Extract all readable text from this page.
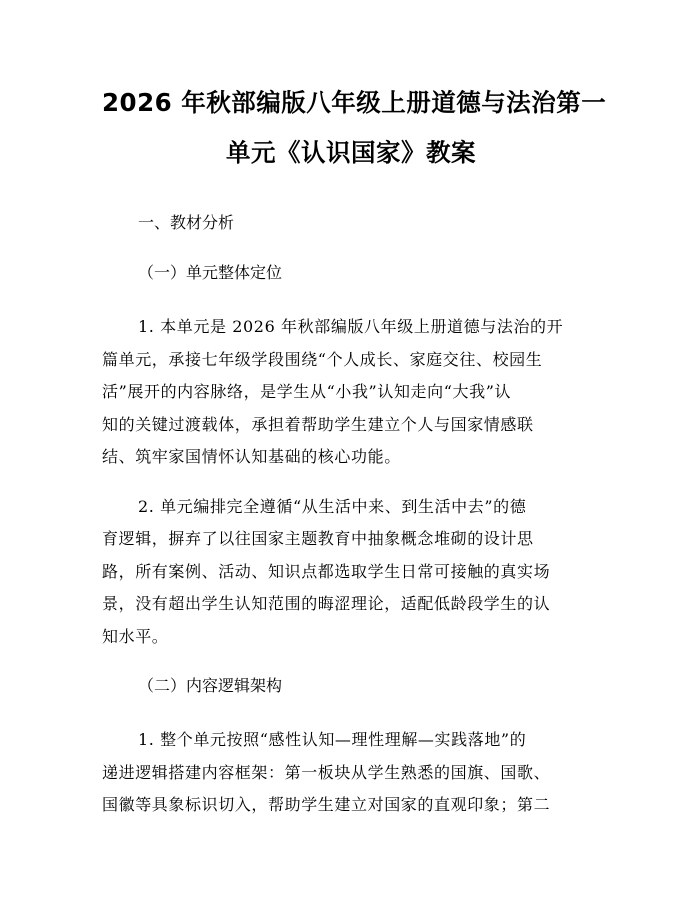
2026 年秋部编版八年级上册道德与法治第一
单元《认识国家》教案

一、教材分析

（一）单元整体定位

1. 本单元是 2026 年秋部编版八年级上册道德与法治的开
篇单元，承接七年级学段围绕“个人成长、家庭交往、校园生
活”展开的内容脉络，是学生从“小我”认知走向“大我”认
知的关键过渡载体，承担着帮助学生建立个人与国家情感联
结、筑牢家国情怀认知基础的核心功能。

2. 单元编排完全遵循“从生活中来、到生活中去”的德
育逻辑，摒弃了以往国家主题教育中抽象概念堆砌的设计思
路，所有案例、活动、知识点都选取学生日常可接触的真实场
景，没有超出学生认知范围的晦涩理论，适配低龄段学生的认
知水平。

（二）内容逻辑架构

1. 整个单元按照“感性认知—理性理解—实践落地”的
递进逻辑搭建内容框架：第一板块从学生熟悉的国旗、国歌、
国徽等具象标识切入，帮助学生建立对国家的直观印象；第二
